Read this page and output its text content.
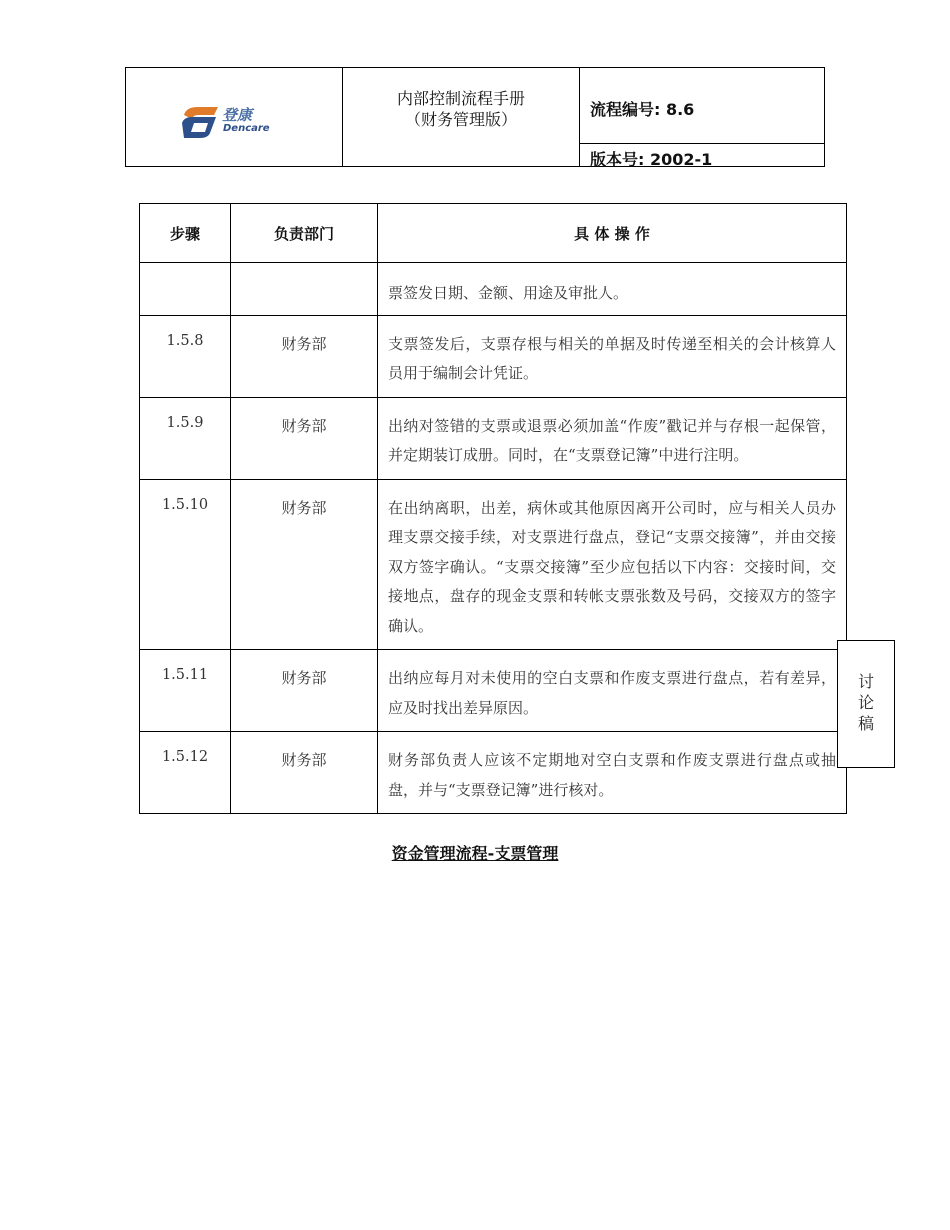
登康
Dencare
内部控制流程手册
（财务管理版）
流程编号: 8.6
版本号: 2002-1
步骤	负责部门	具 体 操 作
		票签发日期、金额、用途及审批人。
1.5.8	财务部	支票签发后，支票存根与相关的单据及时传递至相关的会计核算人员用于编制会计凭证。
1.5.9	财务部	出纳对签错的支票或退票必须加盖“作废”戳记并与存根一起保管，并定期装订成册。同时，在“支票登记簿”中进行注明。
1.5.10	财务部	在出纳离职，出差，病休或其他原因离开公司时，应与相关人员办理支票交接手续，对支票进行盘点，登记“支票交接簿”，并由交接双方签字确认。“支票交接簿”至少应包括以下内容：交接时间，交接地点，盘存的现金支票和转帐支票张数及号码，交接双方的签字确认。
1.5.11	财务部	出纳应每月对未使用的空白支票和作废支票进行盘点，若有差异，应及时找出差异原因。
1.5.12	财务部	财务部负责人应该不定期地对空白支票和作废支票进行盘点或抽盘，并与“支票登记簿”进行核对。
讨
论
稿
资金管理流程-支票管理
